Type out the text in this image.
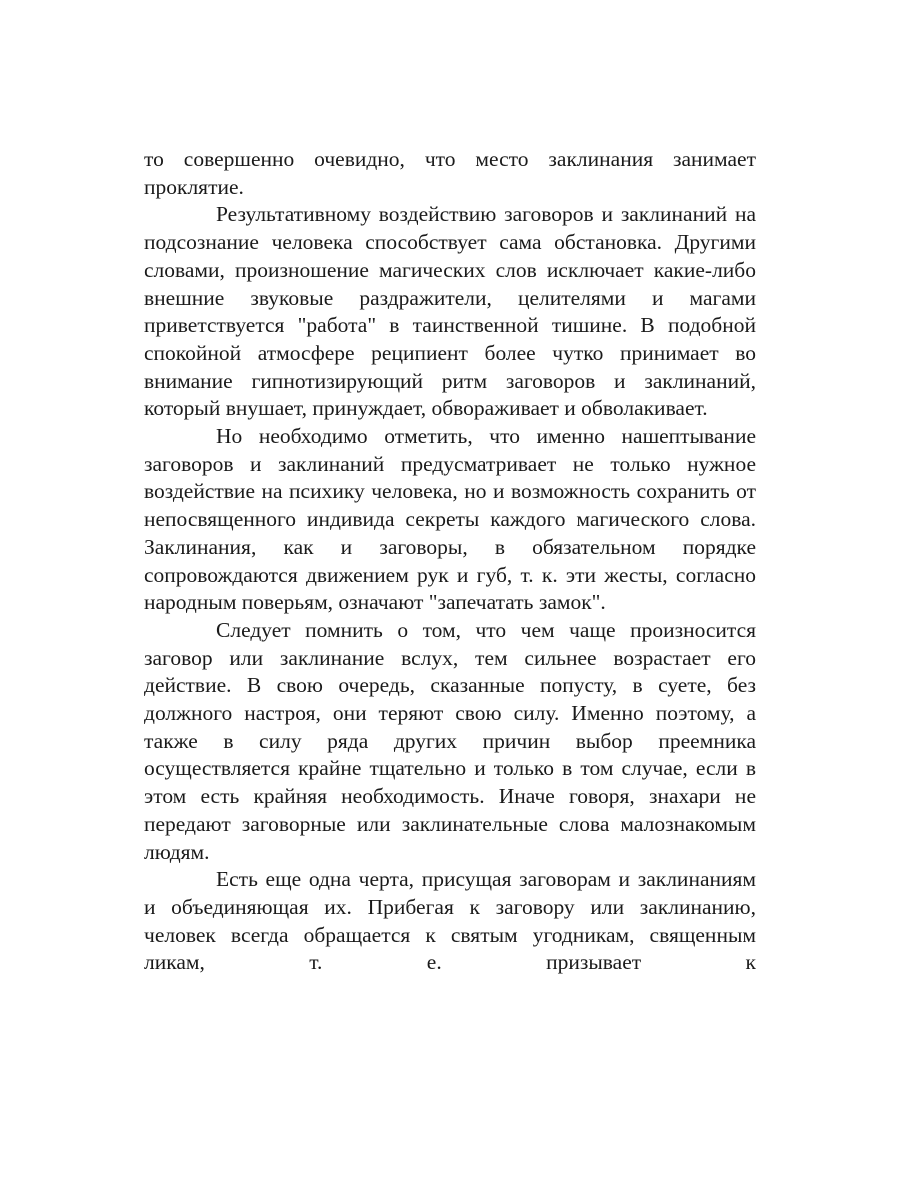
то совершенно очевидно, что место заклинания занимает проклятие.

Результативному воздействию заговоров и заклинаний на подсознание человека способствует сама обстановка. Другими словами, произношение магических слов исключает какие-либо внешние звуковые раздражители, целителями и магами приветствуется "работа" в таинственной тишине. В подобной спокойной атмосфере реципиент более чутко принимает во внимание гипнотизирующий ритм заговоров и заклинаний, который внушает, принуждает, обвораживает и обволакивает.

Но необходимо отметить, что именно нашептывание заговоров и заклинаний предусматривает не только нужное воздействие на психику человека, но и возможность сохранить от непосвященного индивида секреты каждого магического слова. Заклинания, как и заговоры, в обязательном порядке сопровождаются движением рук и губ, т. к. эти жесты, согласно народным поверьям, означают "запечатать замок".

Следует помнить о том, что чем чаще произносится заговор или заклинание вслух, тем сильнее возрастает его действие. В свою очередь, сказанные попусту, в суете, без должного настроя, они теряют свою силу. Именно поэтому, а также в силу ряда других причин выбор преемника осуществляется крайне тщательно и только в том случае, если в этом есть крайняя необходимость. Иначе говоря, знахари не передают заговорные или заклинательные слова малознакомым людям.

Есть еще одна черта, присущая заговорам и заклинаниям и объединяющая их. Прибегая к заговору или заклинанию, человек всегда обращается к святым угодникам, священным ликам, т. е. призывает к
